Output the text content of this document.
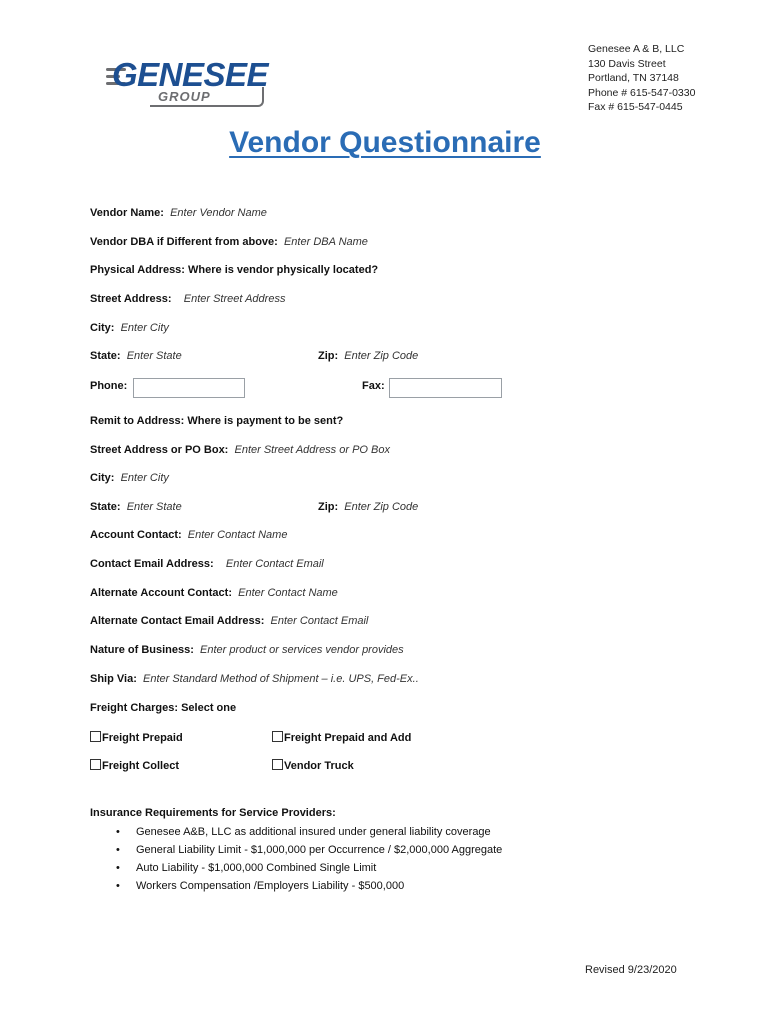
GENESEE
GROUP
Genesee A & B, LLC
130 Davis Street
Portland, TN 37148
Phone # 615-547-0330
Fax # 615-547-0445
Vendor Questionnaire
Vendor Name: Enter Vendor Name
Vendor DBA if Different from above: Enter DBA Name
Physical Address: Where is vendor physically located?
Street Address: Enter Street Address
City: Enter City
State: Enter State	Zip: Enter Zip Code
Phone:	Fax:
Remit to Address: Where is payment to be sent?
Street Address or PO Box: Enter Street Address or PO Box
City: Enter City
State: Enter State	Zip: Enter Zip Code
Account Contact: Enter Contact Name
Contact Email Address: Enter Contact Email
Alternate Account Contact: Enter Contact Name
Alternate Contact Email Address: Enter Contact Email
Nature of Business: Enter product or services vendor provides
Ship Via: Enter Standard Method of Shipment – i.e. UPS, Fed-Ex..
Freight Charges: Select one
Freight Prepaid	Freight Prepaid and Add
Freight Collect	Vendor Truck
Insurance Requirements for Service Providers:
• Genesee A&B, LLC as additional insured under general liability coverage
• General Liability Limit - $1,000,000 per Occurrence / $2,000,000 Aggregate
• Auto Liability - $1,000,000 Combined Single Limit
• Workers Compensation /Employers Liability - $500,000
Revised 9/23/2020
